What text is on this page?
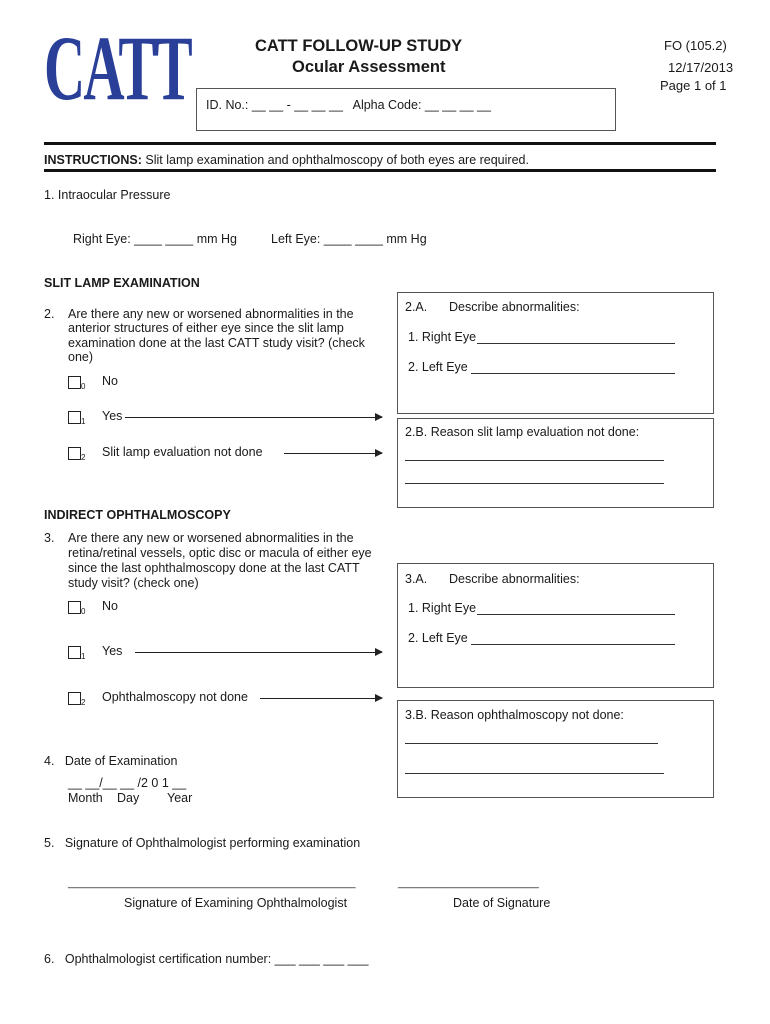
CATT	CATT FOLLOW-UP STUDY
Ocular Assessment
FO (105.2)
12/17/2013
Page 1 of 1
ID. No.: __ __ - __ __ __   Alpha Code: __ __ __ __
INSTRUCTIONS: Slit lamp examination and ophthalmoscopy of both eyes are required.
1. Intraocular Pressure
Right Eye: ____ ____ mm Hg	Left Eye: ____ ____ mm Hg
SLIT LAMP EXAMINATION
2. Are there any new or worsened abnormalities in the
anterior structures of either eye since the slit lamp
examination done at the last CATT study visit? (check
one)
0 No
1 Yes
2 Slit lamp evaluation not done
2.A. Describe abnormalities:
1. Right Eye
2. Left Eye
2.B. Reason slit lamp evaluation not done:
INDIRECT OPHTHALMOSCOPY
3. Are there any new or worsened abnormalities in the
retina/retinal vessels, optic disc or macula of either eye
since the last ophthalmoscopy done at the last CATT
study visit? (check one)
0 No
1 Yes
2 Ophthalmoscopy not done
3.A. Describe abnormalities:
1. Right Eye
2. Left Eye
3.B. Reason ophthalmoscopy not done:
4.   Date of Examination
__ __/__ __ /2 0 1 __
Month Day Year
5.   Signature of Ophthalmologist performing examination
_______________________________________________	_______________________
Signature of Examining Ophthalmologist	Date of Signature
6.   Ophthalmologist certification number: ___ ___ ___ ___
